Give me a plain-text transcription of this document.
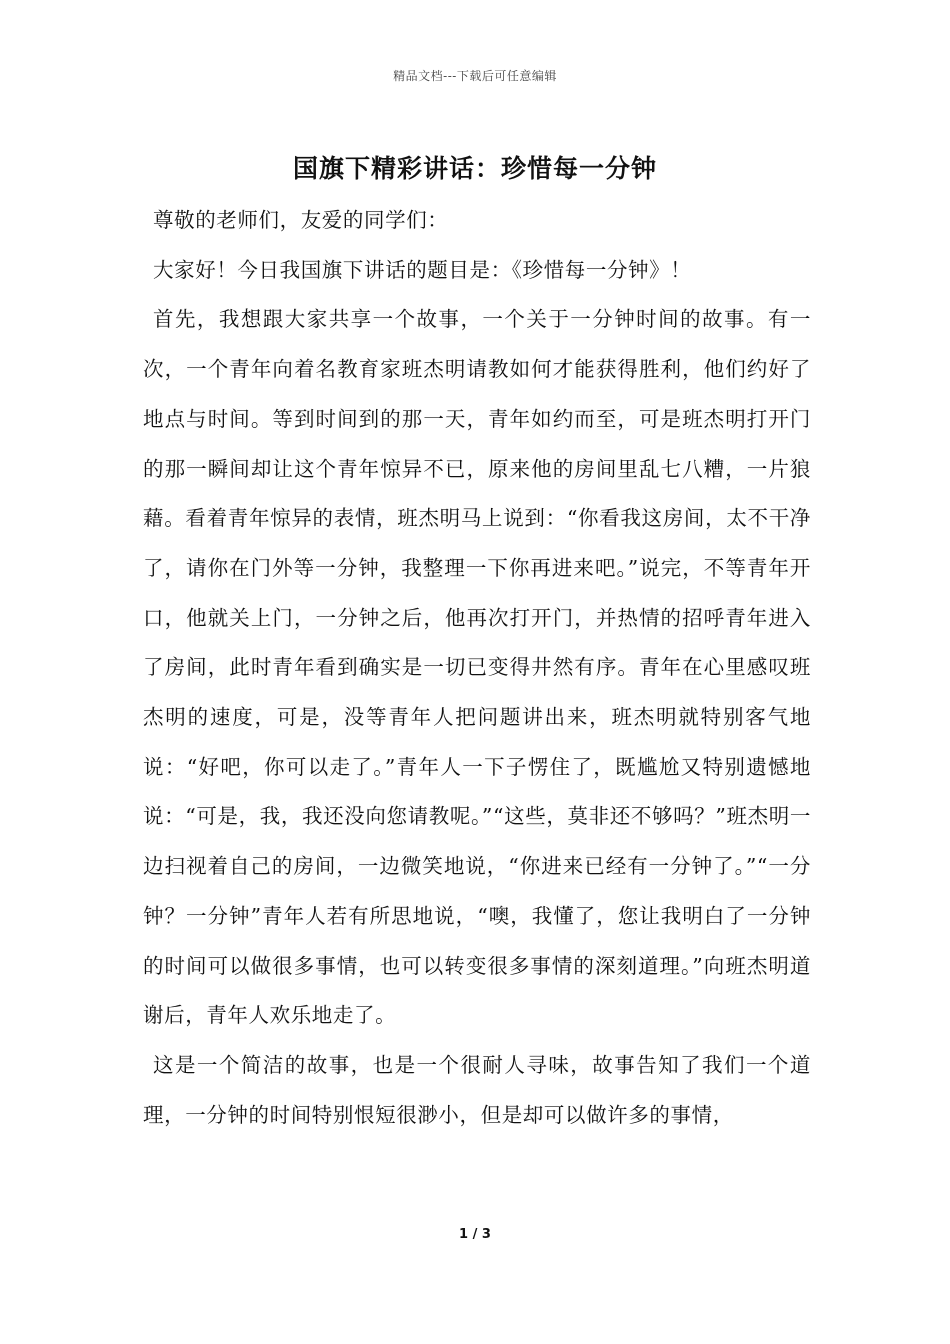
精品文档---下载后可任意编辑
国旗下精彩讲话：珍惜每一分钟

尊敬的老师们，友爱的同学们：

大家好！今日我国旗下讲话的题目是：《珍惜每一分钟》！

首先，我想跟大家共享一个故事，一个关于一分钟时间的故事。有一次，一个青年向着名教育家班杰明请教如何才能获得胜利，他们约好了地点与时间。等到时间到的那一天，青年如约而至，可是班杰明打开门的那一瞬间却让这个青年惊异不已，原来他的房间里乱七八糟，一片狼藉。看着青年惊异的表情，班杰明马上说到：“你看我这房间，太不干净了，请你在门外等一分钟，我整理一下你再进来吧。”说完，不等青年开口，他就关上门，一分钟之后，他再次打开门，并热情的招呼青年进入了房间，此时青年看到确实是一切已变得井然有序。青年在心里感叹班杰明的速度，可是，没等青年人把问题讲出来，班杰明就特别客气地说：“好吧，你可以走了。”青年人一下子愣住了，既尴尬又特别遗憾地说：“可是，我，我还没向您请教呢。”“这些，莫非还不够吗？”班杰明一边扫视着自己的房间，一边微笑地说，“你进来已经有一分钟了。”“一分钟？一分钟”青年人若有所思地说，“噢，我懂了，您让我明白了一分钟的时间可以做很多事情，也可以转变很多事情的深刻道理。”向班杰明道谢后，青年人欢乐地走了。

这是一个简洁的故事，也是一个很耐人寻味，故事告知了我们一个道理，一分钟的时间特别恨短很渺小，但是却可以做许多的事情，

1 / 3
